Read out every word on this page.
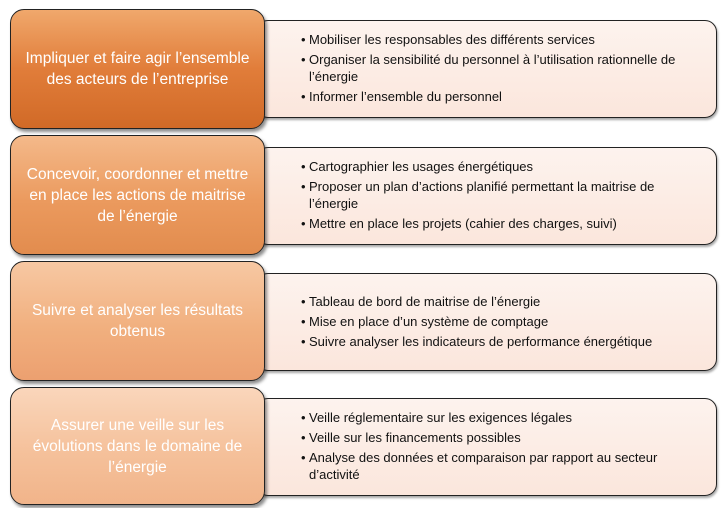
• Mobiliser les responsables des différents services
• Organiser la sensibilité du personnel à l’utilisation rationnelle de l’énergie
• Informer l’ensemble du personnel
Impliquer et faire agir l’ensemble des acteurs de l’entreprise
• Cartographier les usages énergétiques
• Proposer un plan d’actions planifié permettant la maitrise de l’énergie
• Mettre en place les projets (cahier des charges, suivi)
Concevoir, coordonner et mettre en place les actions de maitrise de l’énergie
• Tableau de bord de maitrise de l’énergie
• Mise en place d’un système de comptage
• Suivre analyser les indicateurs de performance énergétique
Suivre et analyser les résultats obtenus
• Veille réglementaire sur les exigences légales
• Veille sur les financements possibles
• Analyse des données et comparaison par rapport au secteur d’activité
Assurer une veille sur les évolutions dans le domaine de l’énergie
